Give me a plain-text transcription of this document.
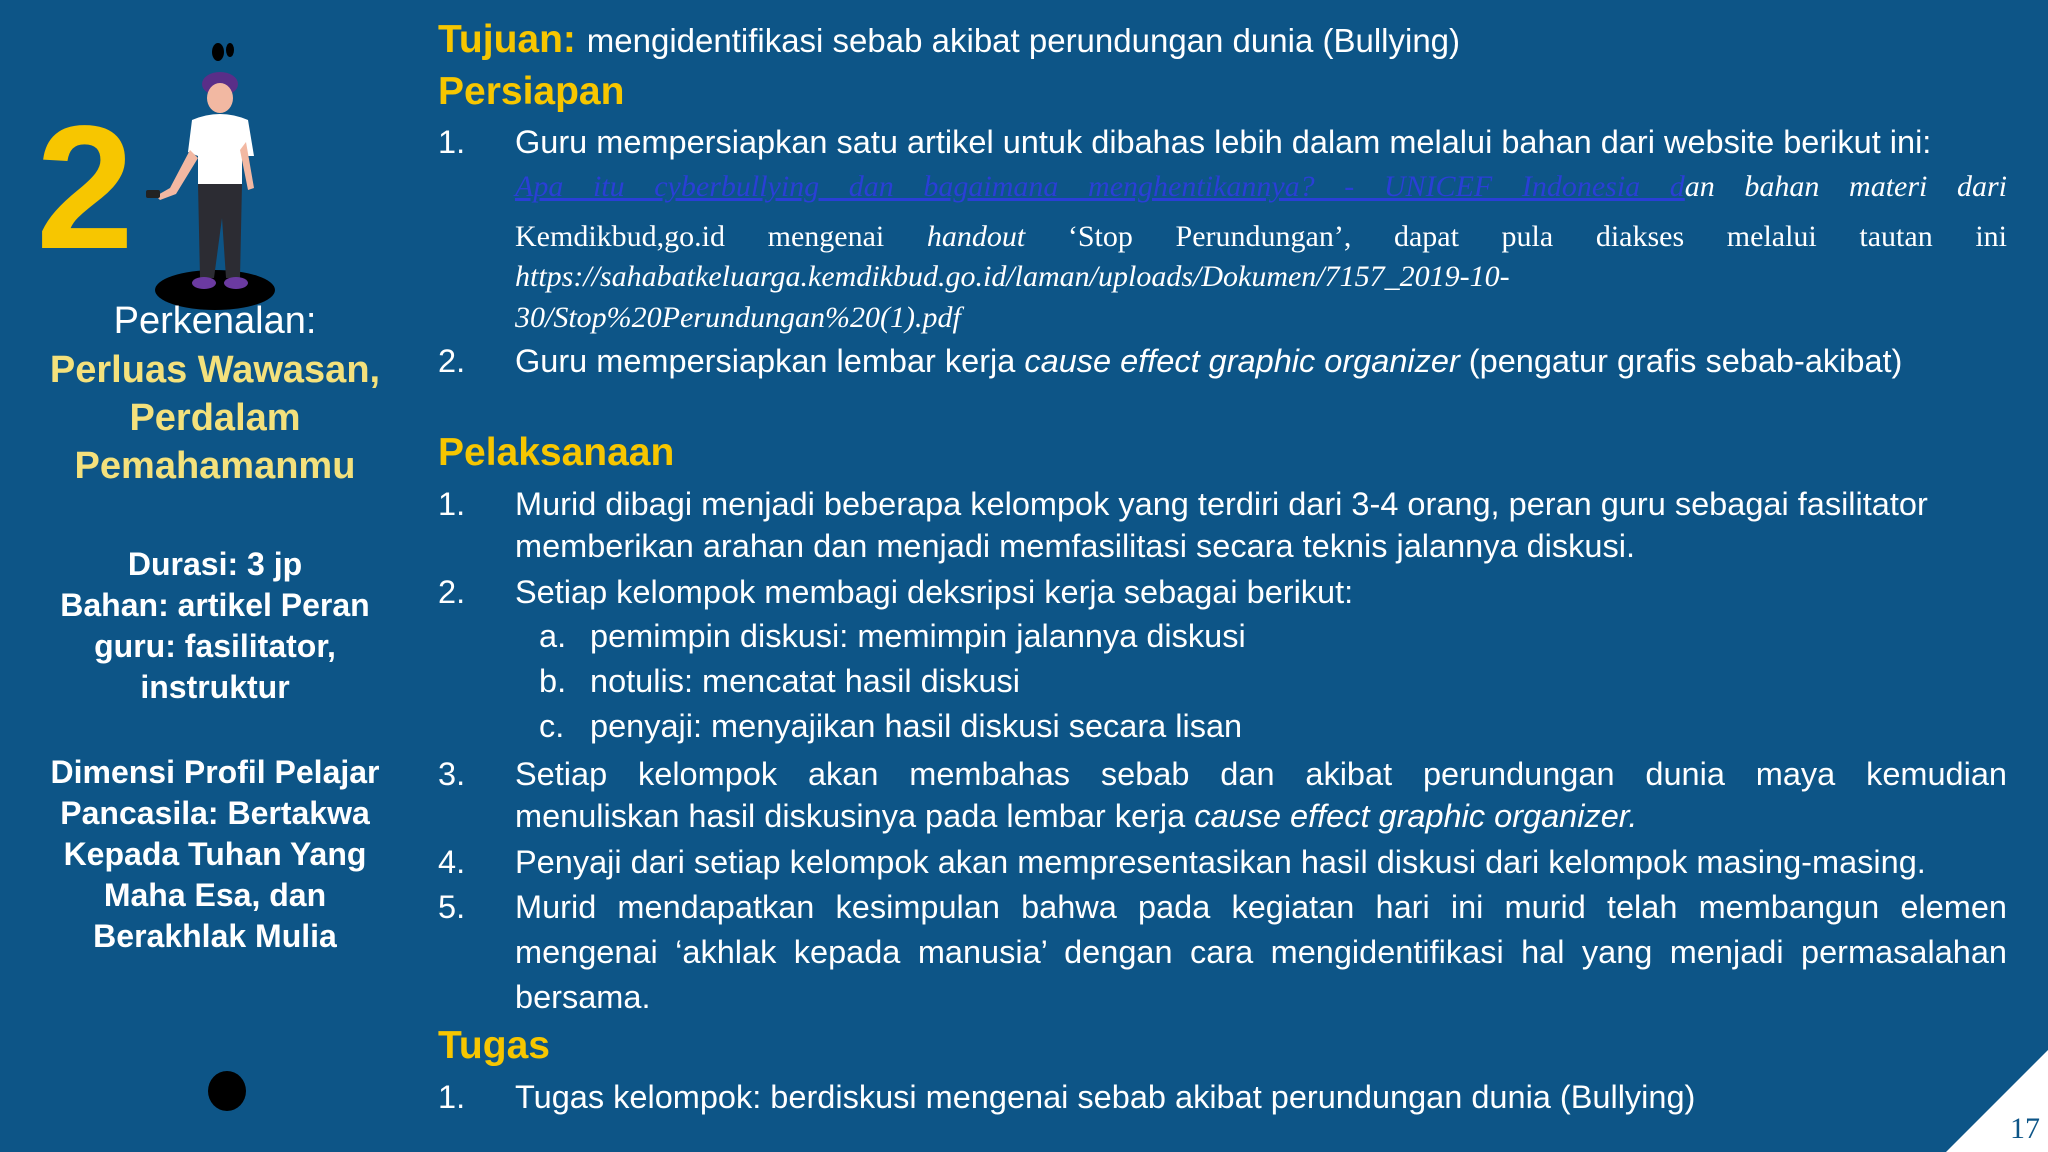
2
Perkenalan:
Perluas Wawasan,
Perdalam
Pemahamanmu
Durasi: 3 jp
Bahan: artikel Peran
guru: fasilitator,
instruktur
Dimensi Profil Pelajar
Pancasila: Bertakwa
Kepada Tuhan Yang
Maha Esa, dan
Berakhlak Mulia
Tujuan: mengidentifikasi sebab akibat perundungan dunia (Bullying)
Persiapan
1.	Guru mempersiapkan satu artikel untuk dibahas lebih dalam melalui bahan dari website berikut ini:
Apa itu cyberbullying dan bagaimana menghentikannya? - UNICEF Indonesia dan bahan materi dari
Kemdikbud,go.id mengenai handout ‘Stop Perundungan’, dapat pula diakses melalui tautan ini
https://sahabatkeluarga.kemdikbud.go.id/laman/uploads/Dokumen/7157_2019-10-
30/Stop%20Perundungan%20(1).pdf
2.	Guru mempersiapkan lembar kerja cause effect graphic organizer (pengatur grafis sebab-akibat)
Pelaksanaan
1.	Murid dibagi menjadi beberapa kelompok yang terdiri dari 3-4 orang, peran guru sebagai fasilitator
memberikan arahan dan menjadi memfasilitasi secara teknis jalannya diskusi.
2.	Setiap kelompok membagi deksripsi kerja sebagai berikut:
a. pemimpin diskusi: memimpin jalannya diskusi
b. notulis: mencatat hasil diskusi
c. penyaji: menyajikan hasil diskusi secara lisan
3.	Setiap kelompok akan membahas sebab dan akibat perundungan dunia maya kemudian
menuliskan hasil diskusinya pada lembar kerja cause effect graphic organizer.
4.	Penyaji dari setiap kelompok akan mempresentasikan hasil diskusi dari kelompok masing-masing.
5.	Murid mendapatkan kesimpulan bahwa pada kegiatan hari ini murid telah membangun elemen
mengenai ‘akhlak kepada manusia’ dengan cara mengidentifikasi hal yang menjadi permasalahan
bersama.
Tugas
1.	Tugas kelompok: berdiskusi mengenai sebab akibat perundungan dunia (Bullying)
17
